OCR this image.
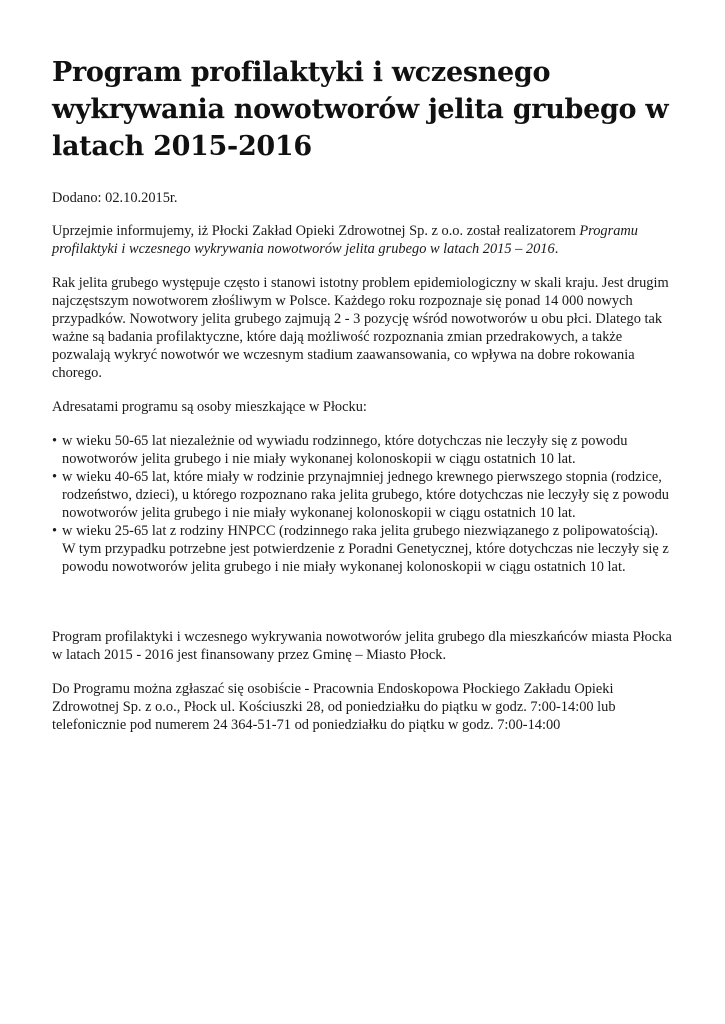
Program profilaktyki i wczesnego wykrywania nowotworów jelita grubego w latach 2015-2016

Dodano: 02.10.2015r.

Uprzejmie informujemy, iż Płocki Zakład Opieki Zdrowotnej Sp. z o.o. został realizatorem Programu profilaktyki i wczesnego wykrywania nowotworów jelita grubego w latach 2015 – 2016.

Rak jelita grubego występuje często i stanowi istotny problem epidemiologiczny w skali kraju. Jest drugim najczęstszym nowotworem złośliwym w Polsce. Każdego roku rozpoznaje się ponad 14 000 nowych przypadków. Nowotwory jelita grubego zajmują 2 - 3 pozycję wśród nowotworów u obu płci. Dlatego tak ważne są badania profilaktyczne, które dają możliwość rozpoznania zmian przedrakowych, a także pozwalają wykryć nowotwór we wczesnym stadium zaawansowania, co wpływa na dobre rokowania chorego.

Adresatami programu są osoby mieszkające w Płocku:

• w wieku 50-65 lat niezależnie od wywiadu rodzinnego, które dotychczas nie leczyły się z powodu nowotworów jelita grubego i nie miały wykonanej kolonoskopii w ciągu ostatnich 10 lat.
• w wieku 40-65 lat, które miały w rodzinie przynajmniej jednego krewnego pierwszego stopnia (rodzice, rodzeństwo, dzieci), u którego rozpoznano raka jelita grubego, które dotychczas nie leczyły się z powodu nowotworów jelita grubego i nie miały wykonanej kolonoskopii w ciągu ostatnich 10 lat.
• w wieku 25-65 lat z rodziny HNPCC (rodzinnego raka jelita grubego niezwiązanego z polipowatością). W tym przypadku potrzebne jest potwierdzenie z Poradni Genetycznej, które dotychczas nie leczyły się z powodu nowotworów jelita grubego i nie miały wykonanej kolonoskopii w ciągu ostatnich 10 lat.

Program profilaktyki i wczesnego wykrywania nowotworów jelita grubego dla mieszkańców miasta Płocka w latach 2015 - 2016 jest finansowany przez Gminę – Miasto Płock.

Do Programu można zgłaszać się osobiście - Pracownia Endoskopowa Płockiego Zakładu Opieki Zdrowotnej Sp. z o.o., Płock ul. Kościuszki 28, od poniedziałku do piątku w godz. 7:00-14:00 lub telefonicznie pod numerem 24 364-51-71 od poniedziałku do piątku w godz. 7:00-14:00
